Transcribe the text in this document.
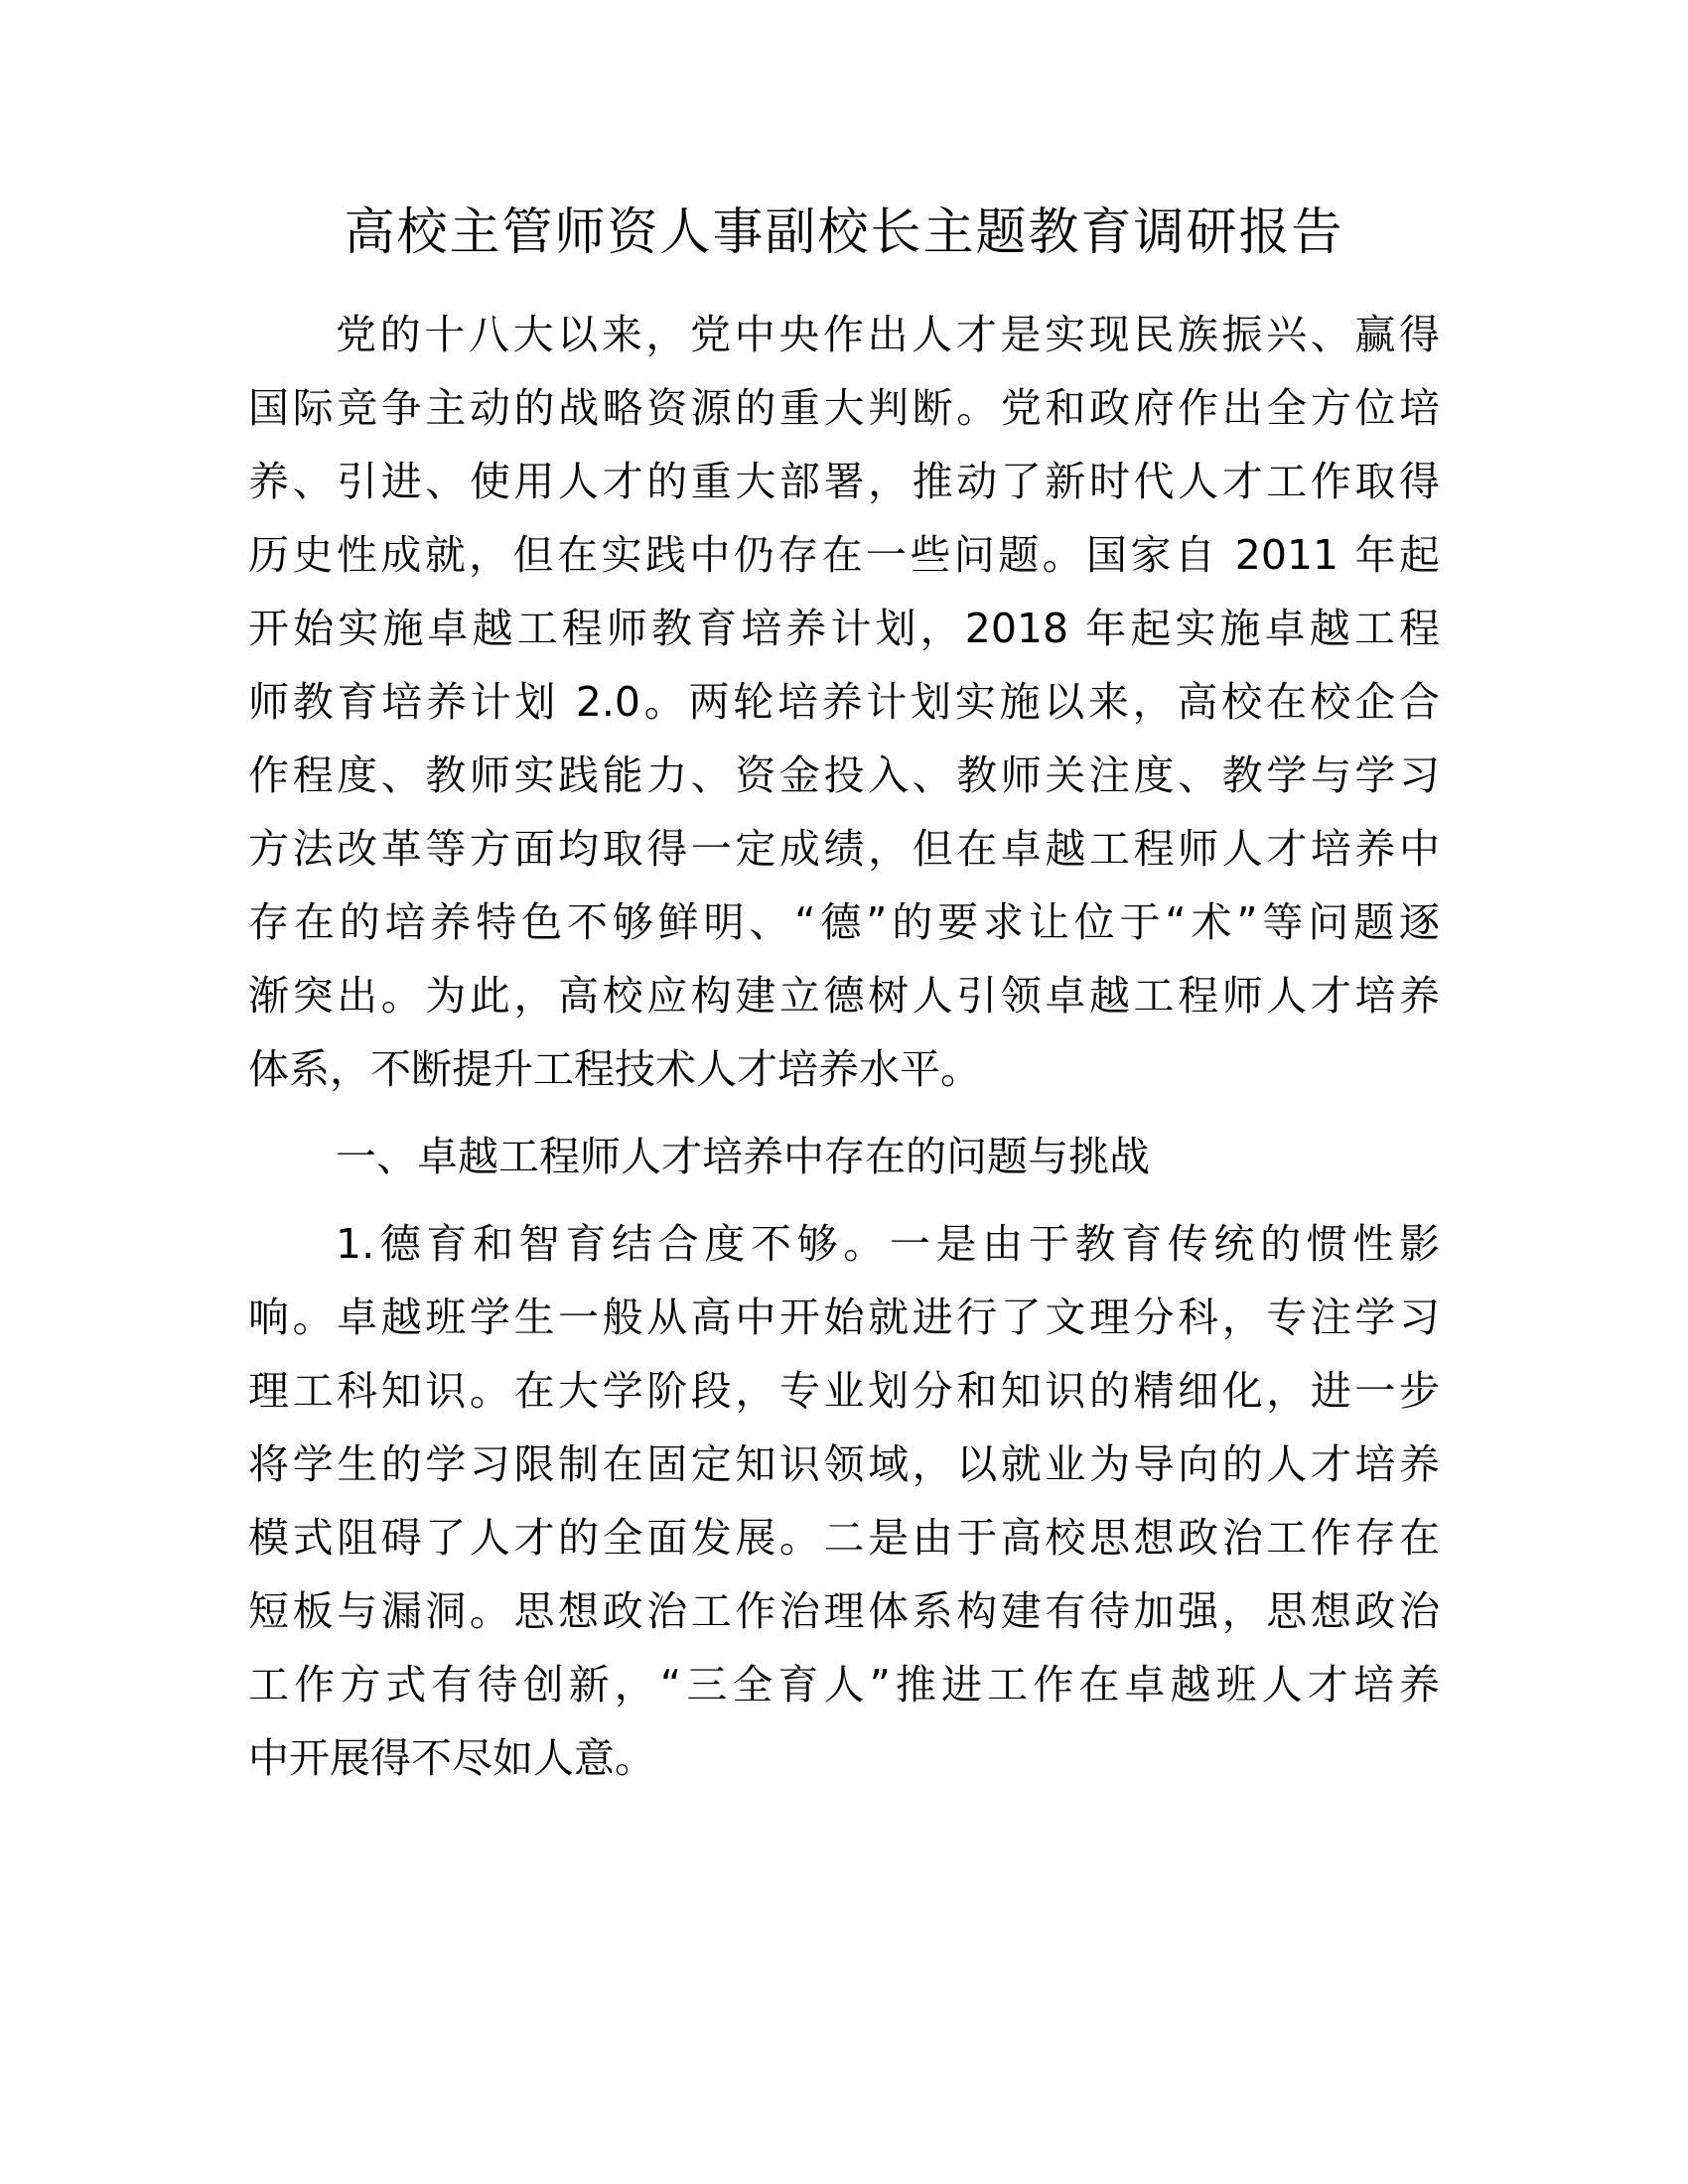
高校主管师资人事副校长主题教育调研报告
党的十八大以来，党中央作出人才是实现民族振兴、赢得
国际竞争主动的战略资源的重大判断。党和政府作出全方位培
养、引进、使用人才的重大部署，推动了新时代人才工作取得
历史性成就，但在实践中仍存在一些问题。国家自 2011 年起
开始实施卓越工程师教育培养计划，2018 年起实施卓越工程
师教育培养计划 2.0。两轮培养计划实施以来，高校在校企合
作程度、教师实践能力、资金投入、教师关注度、教学与学习
方法改革等方面均取得一定成绩，但在卓越工程师人才培养中
存在的培养特色不够鲜明、“德”的要求让位于“术”等问题逐
渐突出。为此，高校应构建立德树人引领卓越工程师人才培养
体系，不断提升工程技术人才培养水平。
一、卓越工程师人才培养中存在的问题与挑战
1.德育和智育结合度不够。一是由于教育传统的惯性影
响。卓越班学生一般从高中开始就进行了文理分科，专注学习
理工科知识。在大学阶段，专业划分和知识的精细化，进一步
将学生的学习限制在固定知识领域，以就业为导向的人才培养
模式阻碍了人才的全面发展。二是由于高校思想政治工作存在
短板与漏洞。思想政治工作治理体系构建有待加强，思想政治
工作方式有待创新，“三全育人”推进工作在卓越班人才培养
中开展得不尽如人意。
